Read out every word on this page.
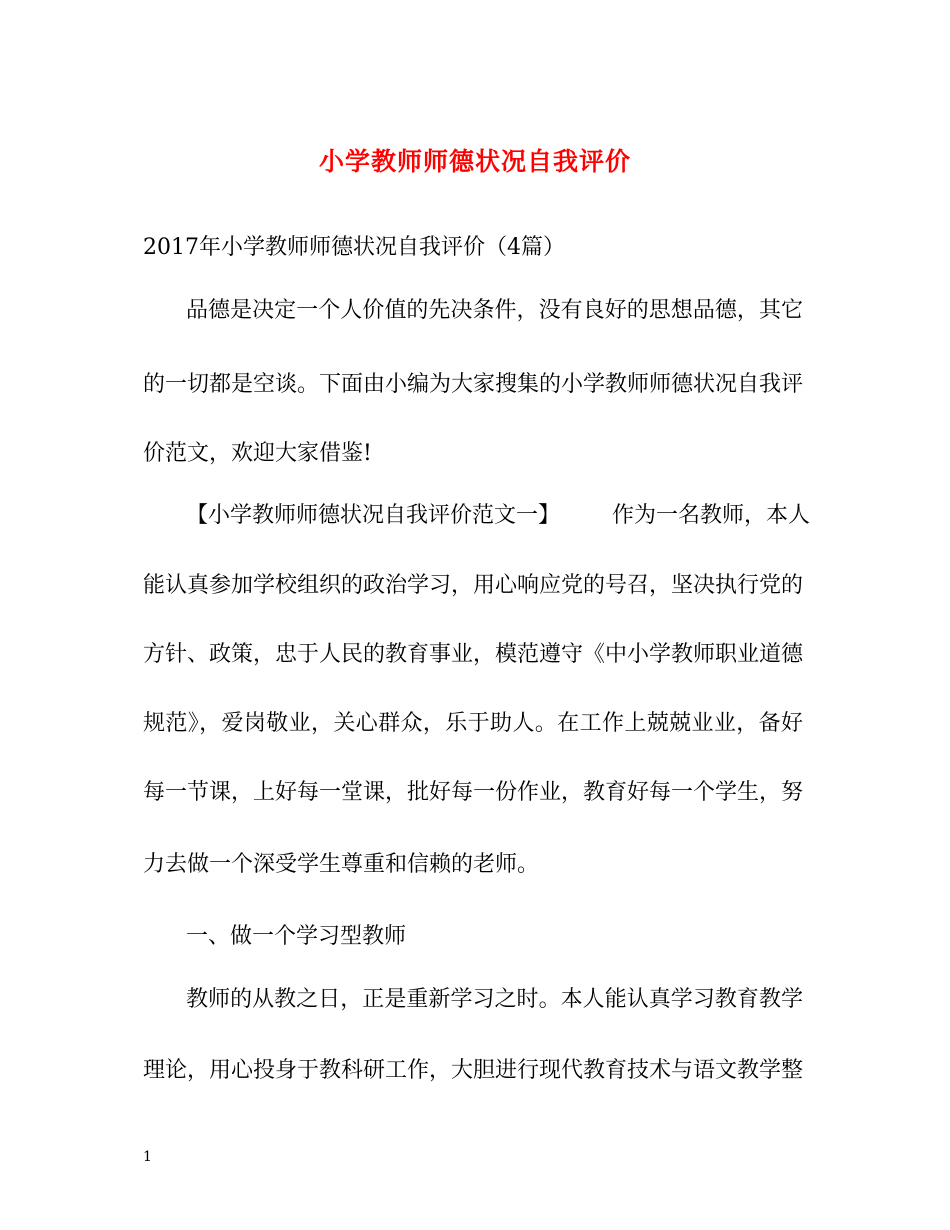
小学教师师德状况自我评价
2017年小学教师师德状况自我评价（4篇）
品德是决定一个人价值的先决条件，没有良好的思想品德，其它
的一切都是空谈。下面由小编为大家搜集的小学教师师德状况自我评
价范文，欢迎大家借鉴!
【小学教师师德状况自我评价范文一】 作为一名教师，本人
能认真参加学校组织的政治学习，用心响应党的号召，坚决执行党的
方针、政策，忠于人民的教育事业，模范遵守《中小学教师职业道德
规范》，爱岗敬业，关心群众，乐于助人。在工作上兢兢业业，备好
每一节课，上好每一堂课，批好每一份作业，教育好每一个学生，努
力去做一个深受学生尊重和信赖的老师。
一、做一个学习型教师
教师的从教之日，正是重新学习之时。本人能认真学习教育教学
理论，用心投身于教科研工作，大胆进行现代教育技术与语文教学整
1
